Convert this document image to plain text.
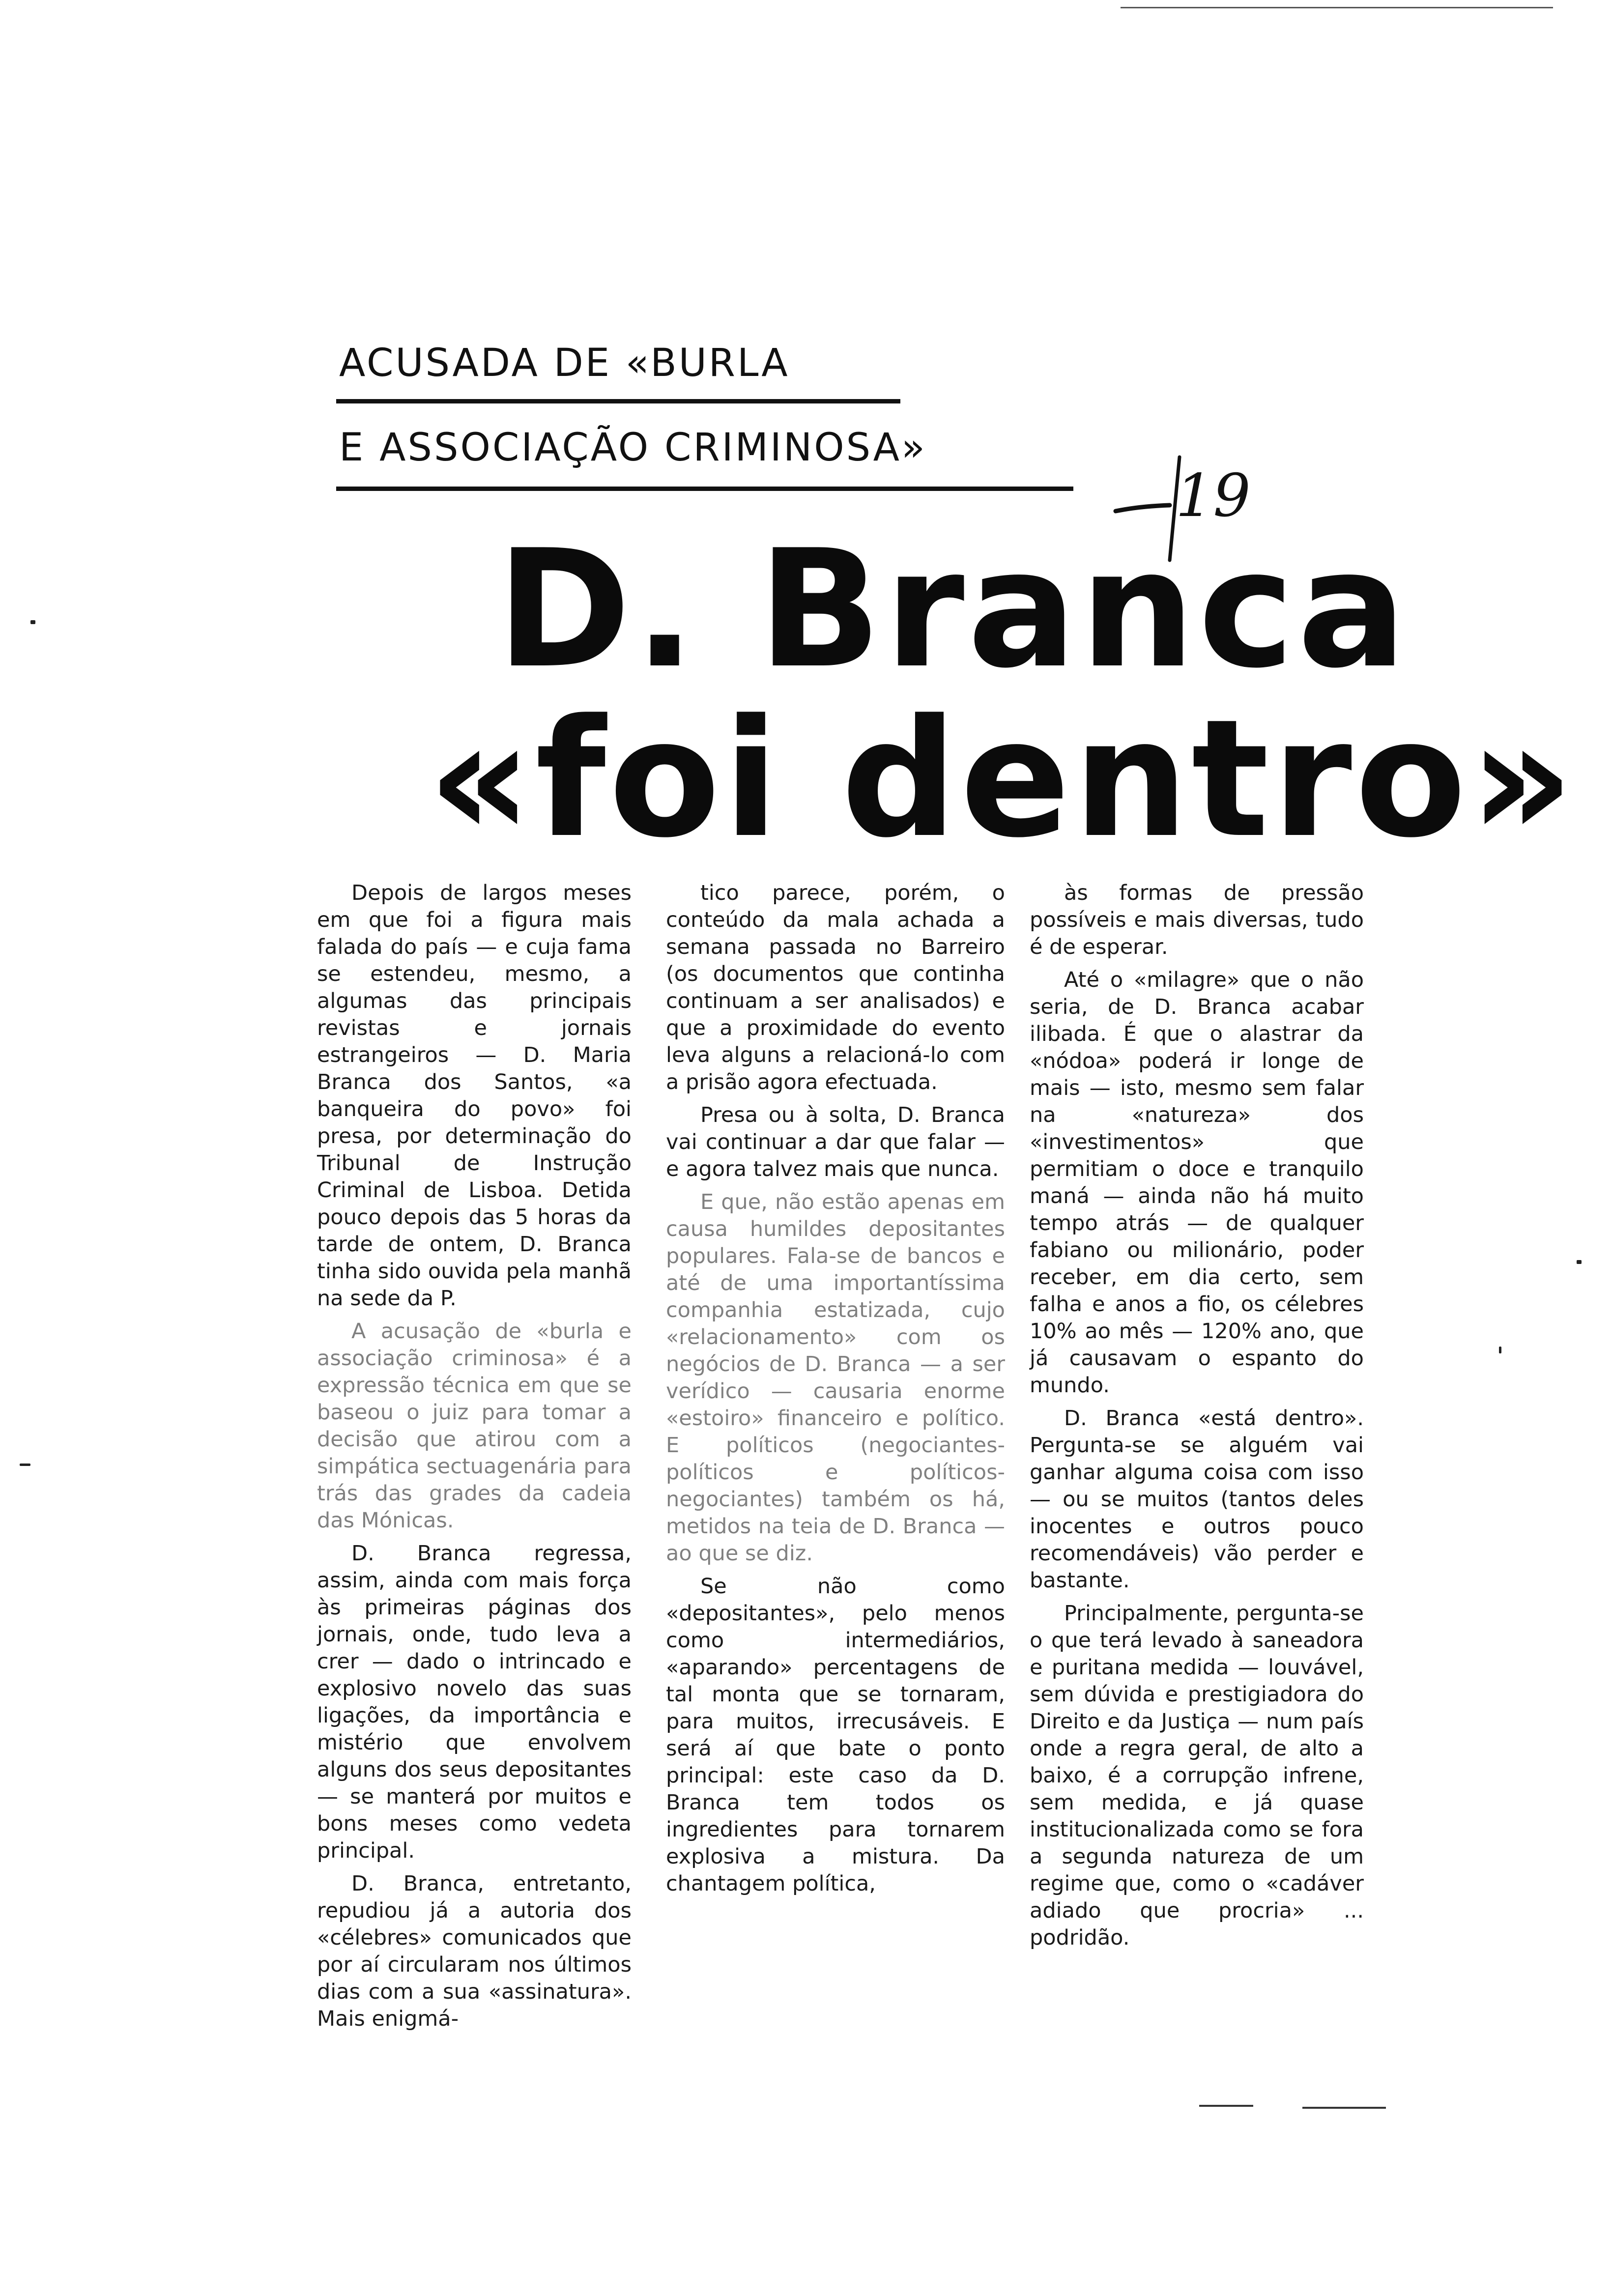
ACUSADA DE «BURLA
E ASSOCIAÇÃO CRIMINOSA»
19
D. Branca
«foi dentro»

Depois de largos meses em que foi a figura mais falada do país — e cuja fama se estendeu, mesmo, a algumas das principais revistas e jornais estrangeiros — D. Maria Branca dos Santos, «a banqueira do povo» foi presa, por determinação do Tribunal de Instrução Criminal de Lisboa. Detida pouco depois das 5 horas da tarde de ontem, D. Branca tinha sido ouvida pela manhã na sede da P.

A acusação de «burla e associação criminosa» é a expressão técnica em que se baseou o juiz para tomar a decisão que atirou com a simpática sectuagenária para trás das grades da cadeia das Mónicas.

D. Branca regressa, assim, ainda com mais força às primeiras páginas dos jornais, onde, tudo leva a crer — dado o intrincado e explosivo novelo das suas ligações, da importância e mistério que envolvem alguns dos seus depositantes — se manterá por muitos e bons meses como vedeta principal.

D. Branca, entretanto, repudiou já a autoria dos «célebres» comunicados que por aí circularam nos últimos dias com a sua «assinatura». Mais enigmá-

tico parece, porém, o conteúdo da mala achada a semana passada no Barreiro (os documentos que continha continuam a ser analisados) e que a proximidade do evento leva alguns a relacioná-lo com a prisão agora efectuada.

Presa ou à solta, D. Branca vai continuar a dar que falar — e agora talvez mais que nunca.

E que, não estão apenas em causa humildes depositantes populares. Fala-se de bancos e até de uma importantíssima companhia estatizada, cujo «relacionamento» com os negócios de D. Branca — a ser verídico — causaria enorme «estoiro» financeiro e político. E políticos (negociantes-políticos e políticos-negociantes) também os há, metidos na teia de D. Branca — ao que se diz.

Se não como «depositantes», pelo menos como intermediários, «aparando» percentagens de tal monta que se tornaram, para muitos, irrecusáveis. E será aí que bate o ponto principal: este caso da D. Branca tem todos os ingredientes para tornarem explosiva a mistura. Da chantagem política,

às formas de pressão possíveis e mais diversas, tudo é de esperar.

Até o «milagre» que o não seria, de D. Branca acabar ilibada. É que o alastrar da «nódoa» poderá ir longe de mais — isto, mesmo sem falar na «natureza» dos «investimentos» que permitiam o doce e tranquilo maná — ainda não há muito tempo atrás — de qualquer fabiano ou milionário, poder receber, em dia certo, sem falha e anos a fio, os célebres 10% ao mês — 120% ano, que já causavam o espanto do mundo.

D. Branca «está dentro». Pergunta-se se alguém vai ganhar alguma coisa com isso — ou se muitos (tantos deles inocentes e outros pouco recomendáveis) vão perder e bastante.

Principalmente, pergunta-se o que terá levado à saneadora e puritana medida — louvável, sem dúvida e prestigiadora do Direito e da Justiça — num país onde a regra geral, de alto a baixo, é a corrupção infrene, sem medida, e já quase institucionalizada como se fora a segunda natureza de um regime que, como o «cadáver adiado que procria» ... podridão.
